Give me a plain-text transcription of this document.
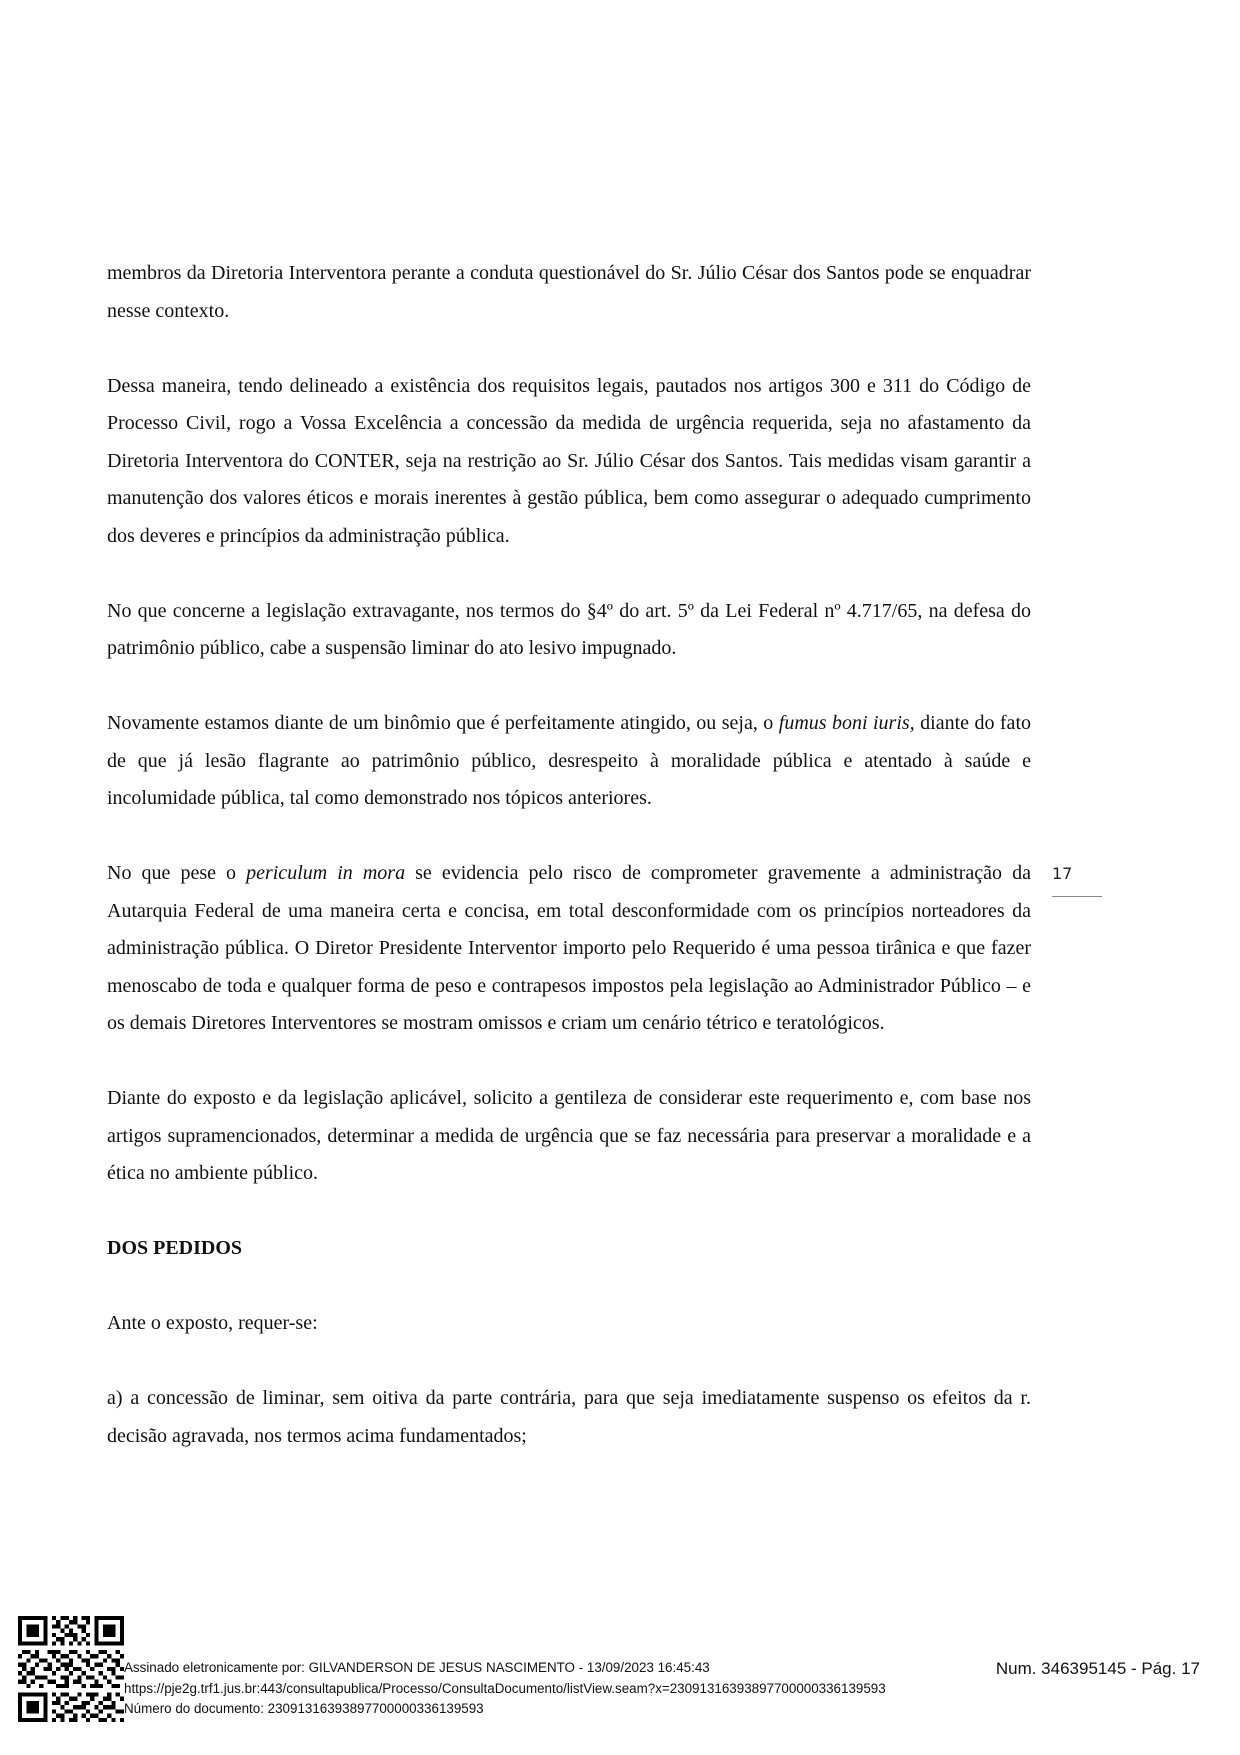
membros da Diretoria Interventora perante a conduta questionável do Sr. Júlio César dos Santos pode se enquadrar nesse contexto.

Dessa maneira, tendo delineado a existência dos requisitos legais, pautados nos artigos 300 e 311 do Código de Processo Civil, rogo a Vossa Excelência a concessão da medida de urgência requerida, seja no afastamento da Diretoria Interventora do CONTER, seja na restrição ao Sr. Júlio César dos Santos. Tais medidas visam garantir a manutenção dos valores éticos e morais inerentes à gestão pública, bem como assegurar o adequado cumprimento dos deveres e princípios da administração pública.

No que concerne a legislação extravagante, nos termos do §4º do art. 5º da Lei Federal nº 4.717/65, na defesa do patrimônio público, cabe a suspensão liminar do ato lesivo impugnado.

Novamente estamos diante de um binômio que é perfeitamente atingido, ou seja, o fumus boni iuris, diante do fato de que já lesão flagrante ao patrimônio público, desrespeito à moralidade pública e atentado à saúde e incolumidade pública, tal como demonstrado nos tópicos anteriores.

No que pese o periculum in mora se evidencia pelo risco de comprometer gravemente a administração da Autarquia Federal de uma maneira certa e concisa, em total desconformidade com os princípios norteadores da administração pública. O Diretor Presidente Interventor importo pelo Requerido é uma pessoa tirânica e que fazer menoscabo de toda e qualquer forma de peso e contrapesos impostos pela legislação ao Administrador Público – e os demais Diretores Interventores se mostram omissos e criam um cenário tétrico e teratológicos.

Diante do exposto e da legislação aplicável, solicito a gentileza de considerar este requerimento e, com base nos artigos supramencionados, determinar a medida de urgência que se faz necessária para preservar a moralidade e a ética no ambiente público.

DOS PEDIDOS

Ante o exposto, requer-se:

a) a concessão de liminar, sem oitiva da parte contrária, para que seja imediatamente suspenso os efeitos da r. decisão agravada, nos termos acima fundamentados;

17
Assinado eletronicamente por: GILVANDERSON DE JESUS NASCIMENTO - 13/09/2023 16:45:43
https://pje2g.trf1.jus.br:443/consultapublica/Processo/ConsultaDocumento/listView.seam?x=23091316393897700000336139593
Número do documento: 23091316393897700000336139593
Num. 346395145 - Pág. 17
